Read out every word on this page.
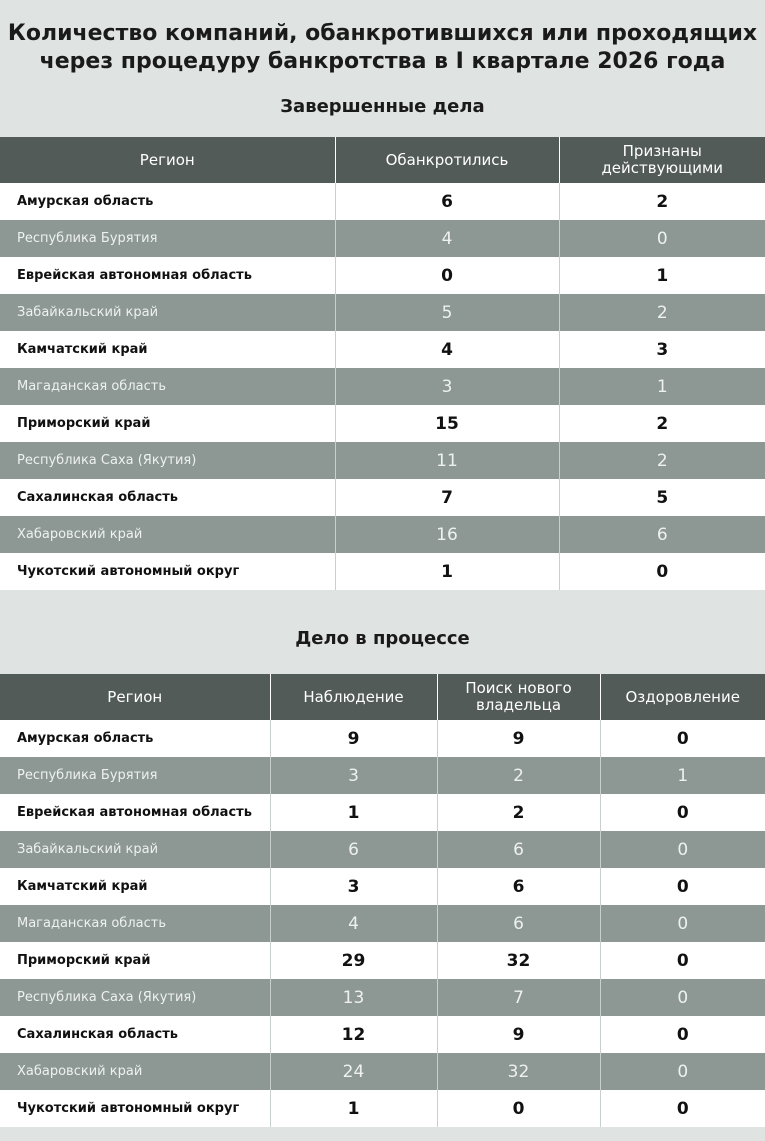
Количество компаний, обанкротившихся или проходящих
через процедуру банкротства в I квартале 2026 года
Завершенные дела
Регион	Обанкротились	Признаны действующими
Амурская область	6	2
Республика Бурятия	4	0
Еврейская автономная область	0	1
Забайкальский край	5	2
Камчатский край	4	3
Магаданская область	3	1
Приморский край	15	2
Республика Саха (Якутия)	11	2
Сахалинская область	7	5
Хабаровский край	16	6
Чукотский автономный округ	1	0
Дело в процессе
Регион	Наблюдение	Поиск нового владельца	Оздоровление
Амурская область	9	9	0
Республика Бурятия	3	2	1
Еврейская автономная область	1	2	0
Забайкальский край	6	6	0
Камчатский край	3	6	0
Магаданская область	4	6	0
Приморский край	29	32	0
Республика Саха (Якутия)	13	7	0
Сахалинская область	12	9	0
Хабаровский край	24	32	0
Чукотский автономный округ	1	0	0
